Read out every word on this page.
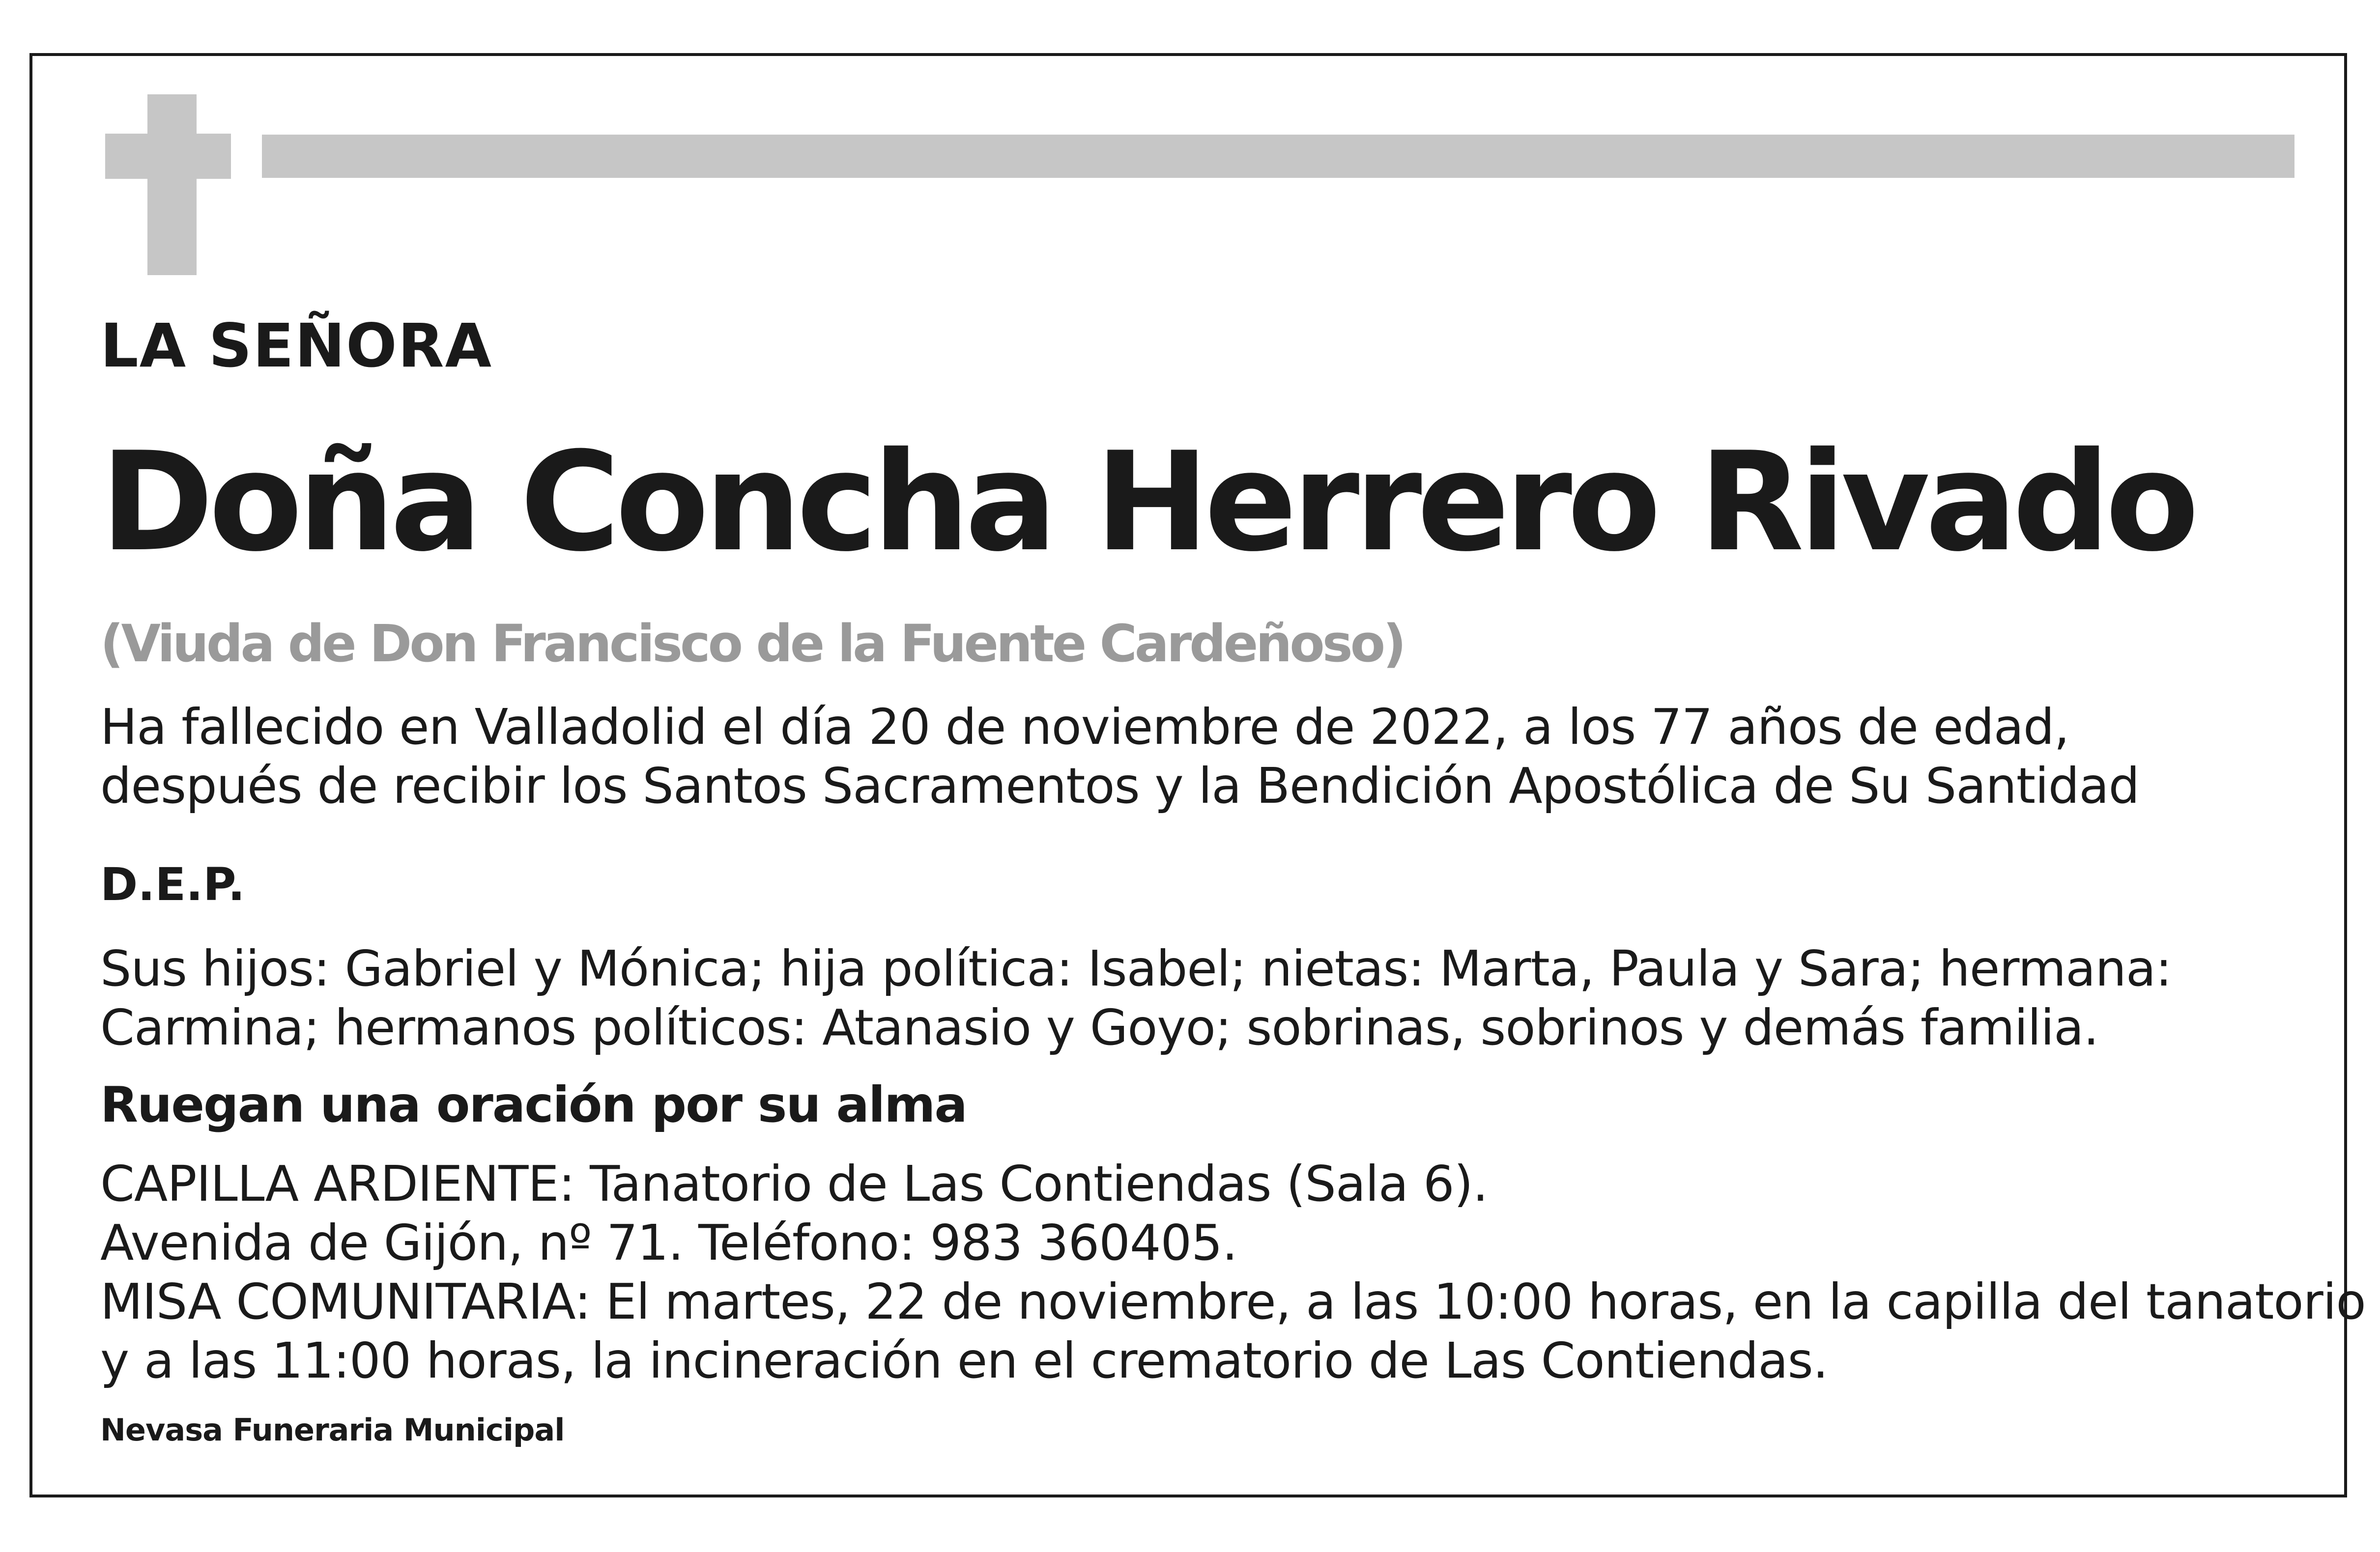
LA SEÑORA

Doña Concha Herrero Rivado

(Viuda de Don Francisco de la Fuente Cardeñoso)

Ha fallecido en Valladolid el día 20 de noviembre de 2022, a los 77 años de edad,

después de recibir los Santos Sacramentos y la Bendición Apostólica de Su Santidad

D.E.P.

Sus hijos: Gabriel y Mónica; hija política: Isabel; nietas: Marta, Paula y Sara; hermana:

Carmina; hermanos políticos: Atanasio y Goyo; sobrinas, sobrinos y demás familia.

Ruegan una oración por su alma

CAPILLA ARDIENTE: Tanatorio de Las Contiendas (Sala 6).

Avenida de Gijón, nº 71. Teléfono: 983 360405.

MISA COMUNITARIA: El martes, 22 de noviembre, a las 10:00 horas, en la capilla del tanatorio

y a las 11:00 horas, la incineración en el crematorio de Las Contiendas.

Nevasa Funeraria Municipal
